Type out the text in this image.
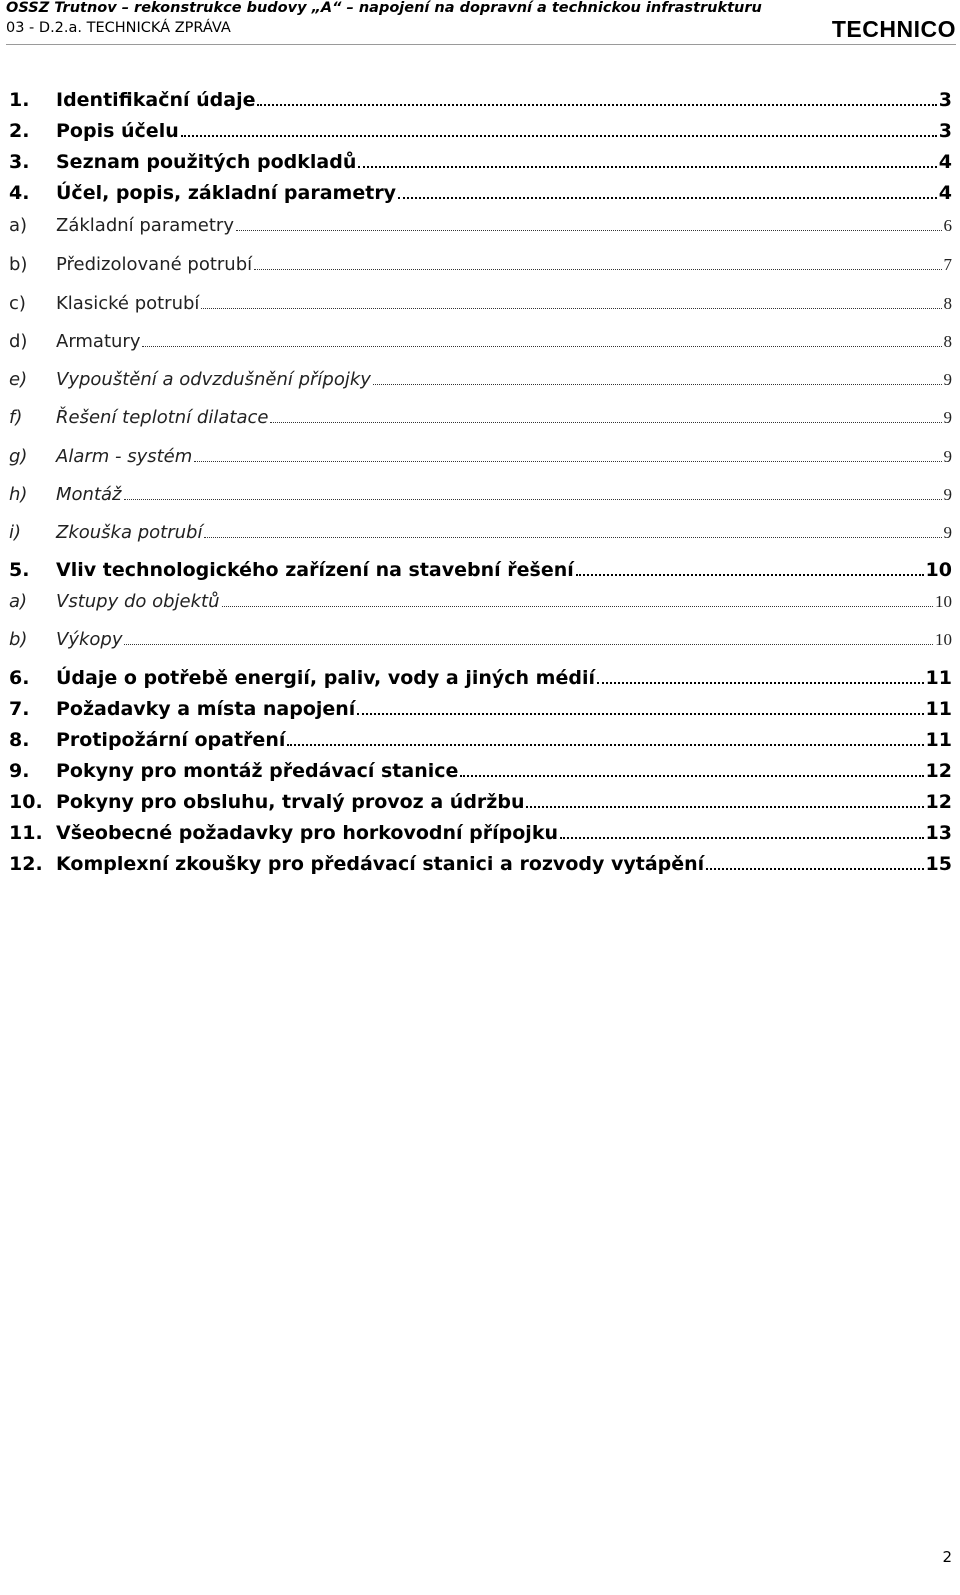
OSSZ Trutnov – rekonstrukce budovy „A“ – napojení na dopravní a technickou infrastrukturu
03 - D.2.a. TECHNICKÁ ZPRÁVA	TECHNICO
1.	Identifikační údaje	3
2.	Popis účelu	3
3.	Seznam použitých podkladů	4
4.	Účel, popis, základní parametry	4
a)	Základní parametry	6
b)	Předizolované potrubí	7
c)	Klasické potrubí	8
d)	Armatury	8
e)	Vypouštění a odvzdušnění přípojky	9
f)	Řešení teplotní dilatace	9
g)	Alarm - systém	9
h)	Montáž	9
i)	Zkouška potrubí	9
5.	Vliv technologického zařízení na stavební řešení	10
a)	Vstupy do objektů	10
b)	Výkopy	10
6.	Údaje o potřebě energií, paliv, vody a jiných médií	11
7.	Požadavky a místa napojení	11
8.	Protipožární opatření	11
9.	Pokyny pro montáž předávací stanice	12
10. Pokyny pro obsluhu, trvalý provoz a údržbu	12
11. Všeobecné požadavky pro horkovodní přípojku	13
12. Komplexní zkoušky pro předávací stanici a rozvody vytápění	15
2
